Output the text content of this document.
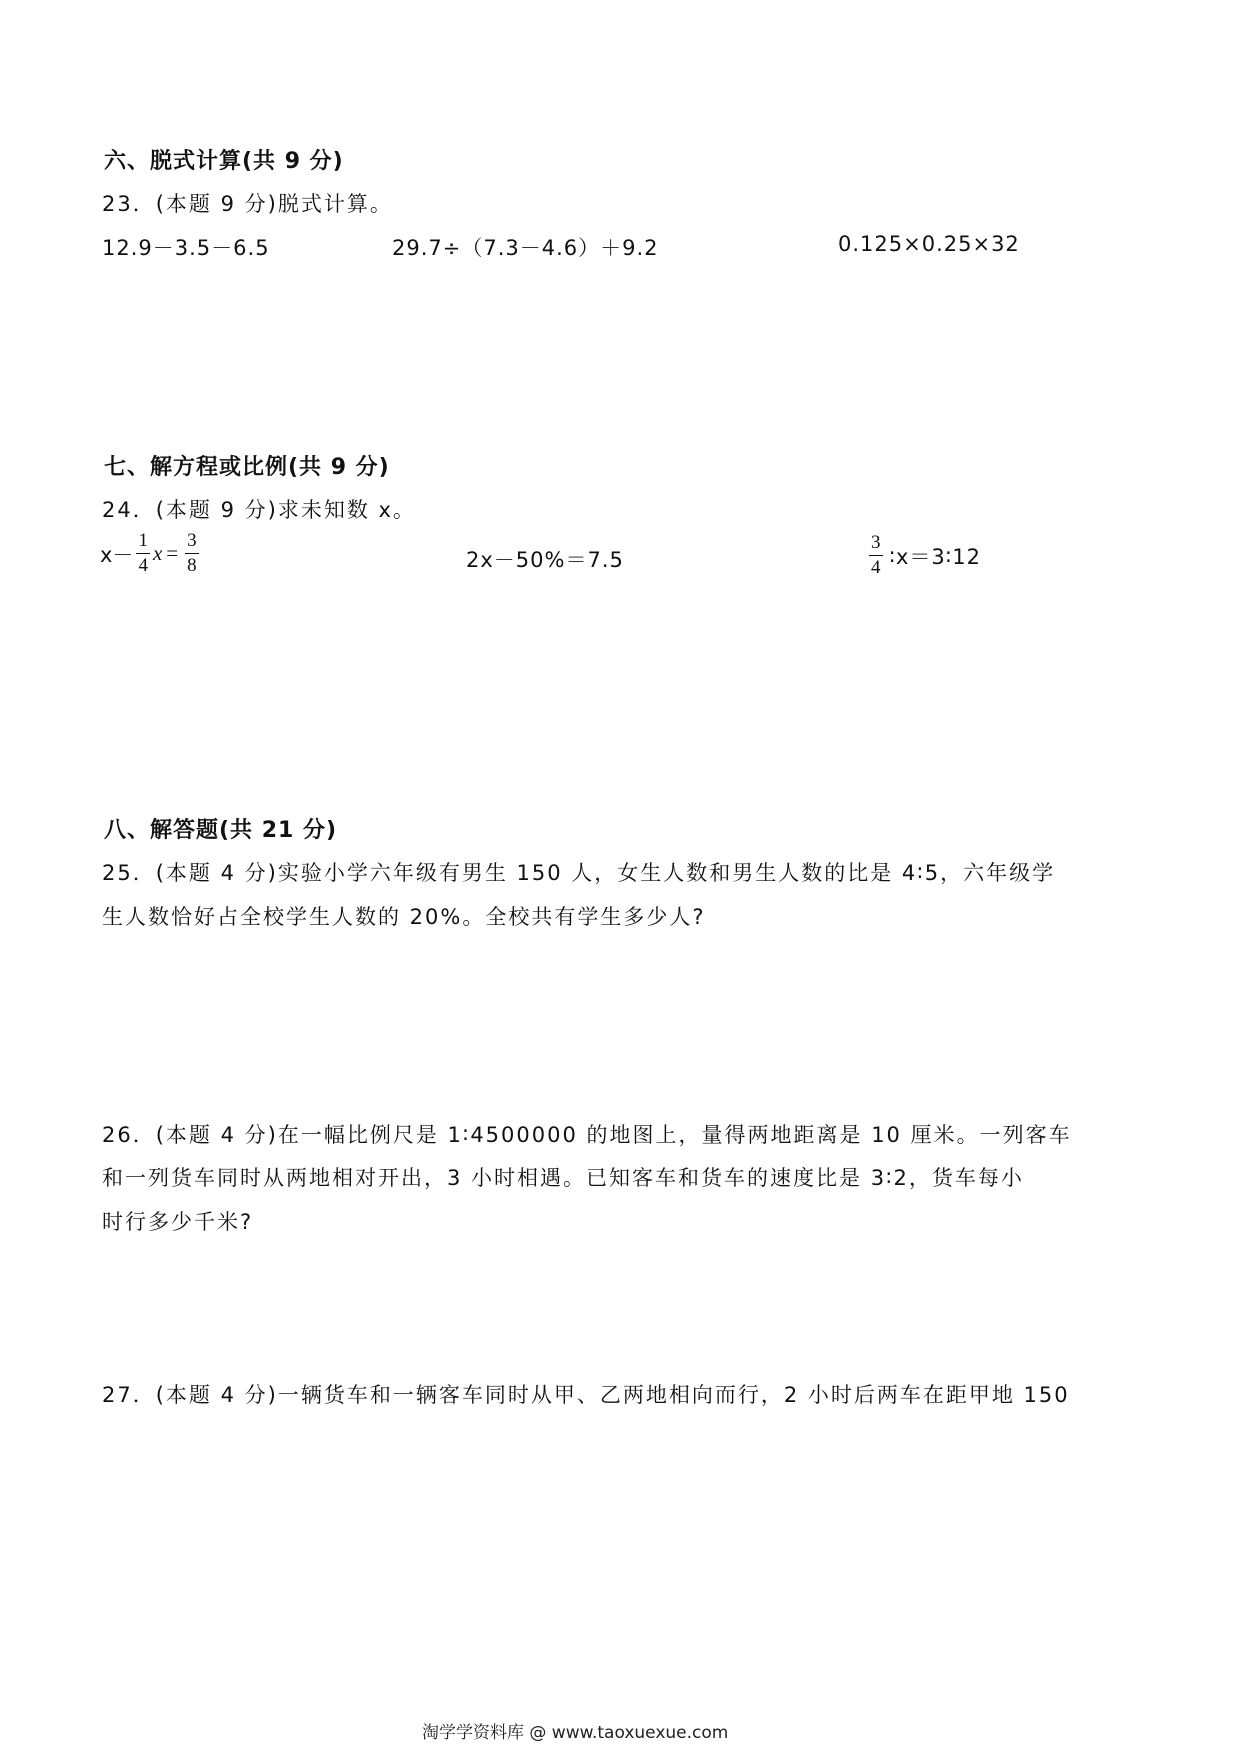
六、脱式计算(共 9 分)
23．(本题 9 分)脱式计算。
12.9－3.5－6.5	29.7÷（7.3－4.6）＋9.2	0.125×0.25×32
七、解方程或比例(共 9 分)
24．(本题 9 分)求未知数 x。
$x- \frac{1}{4}$ $x = \frac{3}{8}$	2x－50%＝7.5	$\frac{3}{4}$ ∶x＝3∶12
八、解答题(共 21 分)
25．(本题 4 分)实验小学六年级有男生 150 人，女生人数和男生人数的比是 4∶5，六年级学
生人数恰好占全校学生人数的 20%。全校共有学生多少人?
26．(本题 4 分)在一幅比例尺是 1∶4500000 的地图上，量得两地距离是 10 厘米。一列客车
和一列货车同时从两地相对开出，3 小时相遇。已知客车和货车的速度比是 3∶2，货车每小
时行多少千米?
27．(本题 4 分)一辆货车和一辆客车同时从甲、乙两地相向而行，2 小时后两车在距甲地 150
淘学学资料库 @ www.taoxuexue.com
